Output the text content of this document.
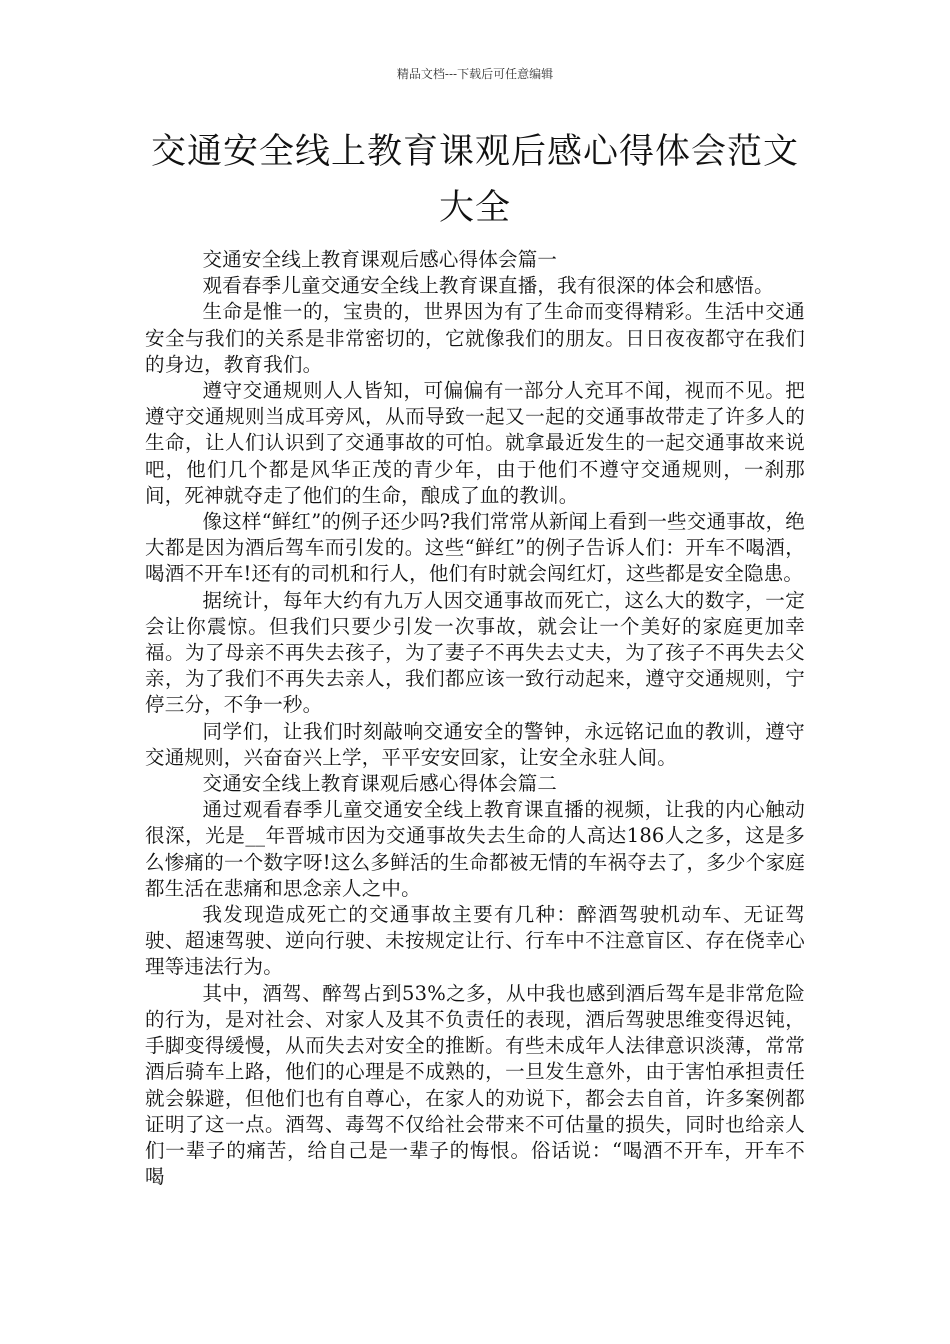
精品文档---下载后可任意编辑
交通安全线上教育课观后感心得体会范文大全

交通安全线上教育课观后感心得体会篇一

观看春季儿童交通安全线上教育课直播，我有很深的体会和感悟。

生命是惟一的，宝贵的，世界因为有了生命而变得精彩。生活中交通安全与我们的关系是非常密切的，它就像我们的朋友。日日夜夜都守在我们的身边，教育我们。

遵守交通规则人人皆知，可偏偏有一部分人充耳不闻，视而不见。把遵守交通规则当成耳旁风，从而导致一起又一起的交通事故带走了许多人的生命，让人们认识到了交通事故的可怕。就拿最近发生的一起交通事故来说吧，他们几个都是风华正茂的青少年，由于他们不遵守交通规则，一刹那间，死神就夺走了他们的生命，酿成了血的教训。

像这样“鲜红”的例子还少吗?我们常常从新闻上看到一些交通事故，绝大都是因为酒后驾车而引发的。这些“鲜红”的例子告诉人们：开车不喝酒，喝酒不开车!还有的司机和行人，他们有时就会闯红灯，这些都是安全隐患。

据统计，每年大约有九万人因交通事故而死亡，这么大的数字，一定会让你震惊。但我们只要少引发一次事故，就会让一个美好的家庭更加幸福。为了母亲不再失去孩子，为了妻子不再失去丈夫，为了孩子不再失去父亲，为了我们不再失去亲人，我们都应该一致行动起来，遵守交通规则，宁停三分，不争一秒。

同学们，让我们时刻敲响交通安全的警钟，永远铭记血的教训，遵守交通规则，兴奋奋兴上学，平平安安回家，让安全永驻人间。

交通安全线上教育课观后感心得体会篇二

通过观看春季儿童交通安全线上教育课直播的视频，让我的内心触动很深，光是__年晋城市因为交通事故失去生命的人高达186人之多，这是多么惨痛的一个数字呀!这么多鲜活的生命都被无情的车祸夺去了，多少个家庭都生活在悲痛和思念亲人之中。

我发现造成死亡的交通事故主要有几种：醉酒驾驶机动车、无证驾驶、超速驾驶、逆向行驶、未按规定让行、行车中不注意盲区、存在侥幸心理等违法行为。

其中，酒驾、醉驾占到53%之多，从中我也感到酒后驾车是非常危险的行为，是对社会、对家人及其不负责任的表现，酒后驾驶思维变得迟钝，手脚变得缓慢，从而失去对安全的推断。有些未成年人法律意识淡薄，常常酒后骑车上路，他们的心理是不成熟的，一旦发生意外，由于害怕承担责任就会躲避，但他们也有自尊心，在家人的劝说下，都会去自首，许多案例都证明了这一点。酒驾、毒驾不仅给社会带来不可估量的损失，同时也给亲人们一辈子的痛苦，给自己是一辈子的悔恨。俗话说：“喝酒不开车，开车不喝
